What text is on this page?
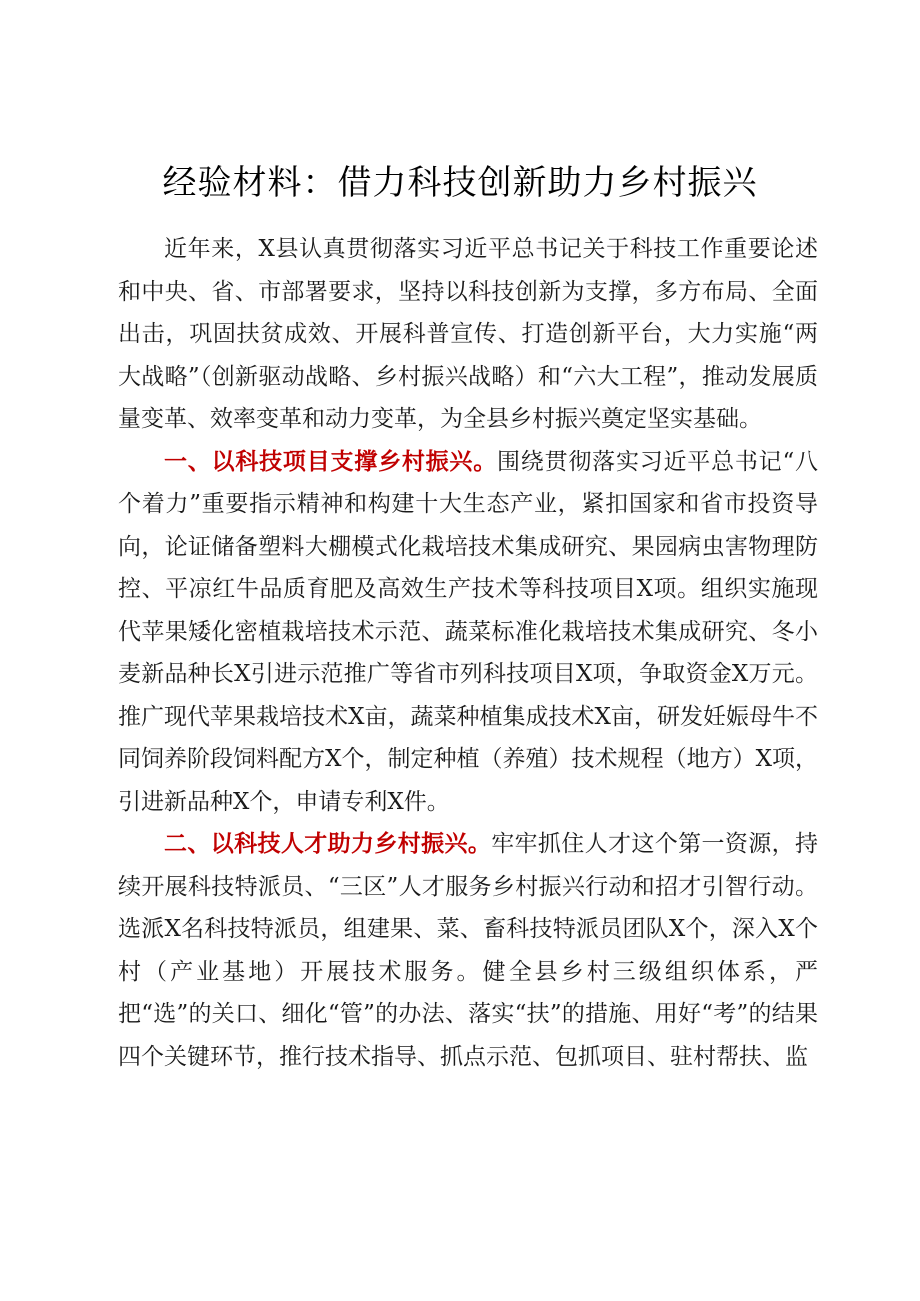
经验材料：借力科技创新助力乡村振兴

近年来，X县认真贯彻落实习近平总书记关于科技工作重要论述和中央、省、市部署要求，坚持以科技创新为支撑，多方布局、全面出击，巩固扶贫成效、开展科普宣传、打造创新平台，大力实施“两大战略”（创新驱动战略、乡村振兴战略）和“六大工程”，推动发展质量变革、效率变革和动力变革，为全县乡村振兴奠定坚实基础。

一、以科技项目支撑乡村振兴。围绕贯彻落实习近平总书记“八个着力”重要指示精神和构建十大生态产业，紧扣国家和省市投资导向，论证储备塑料大棚模式化栽培技术集成研究、果园病虫害物理防控、平凉红牛品质育肥及高效生产技术等科技项目X项。组织实施现代苹果矮化密植栽培技术示范、蔬菜标准化栽培技术集成研究、冬小麦新品种长X引进示范推广等省市列科技项目X项，争取资金X万元。推广现代苹果栽培技术X亩，蔬菜种植集成技术X亩，研发妊娠母牛不同饲养阶段饲料配方X个，制定种植（养殖）技术规程（地方）X项，引进新品种X个，申请专利X件。

二、以科技人才助力乡村振兴。牢牢抓住人才这个第一资源，持续开展科技特派员、“三区”人才服务乡村振兴行动和招才引智行动。选派X名科技特派员，组建果、菜、畜科技特派员团队X个，深入X个村（产业基地）开展技术服务。健全县乡村三级组织体系，严把“选”的关口、细化“管”的办法、落实“扶”的措施、用好“考”的结果四个关键环节，推行技术指导、抓点示范、包抓项目、驻村帮扶、监
